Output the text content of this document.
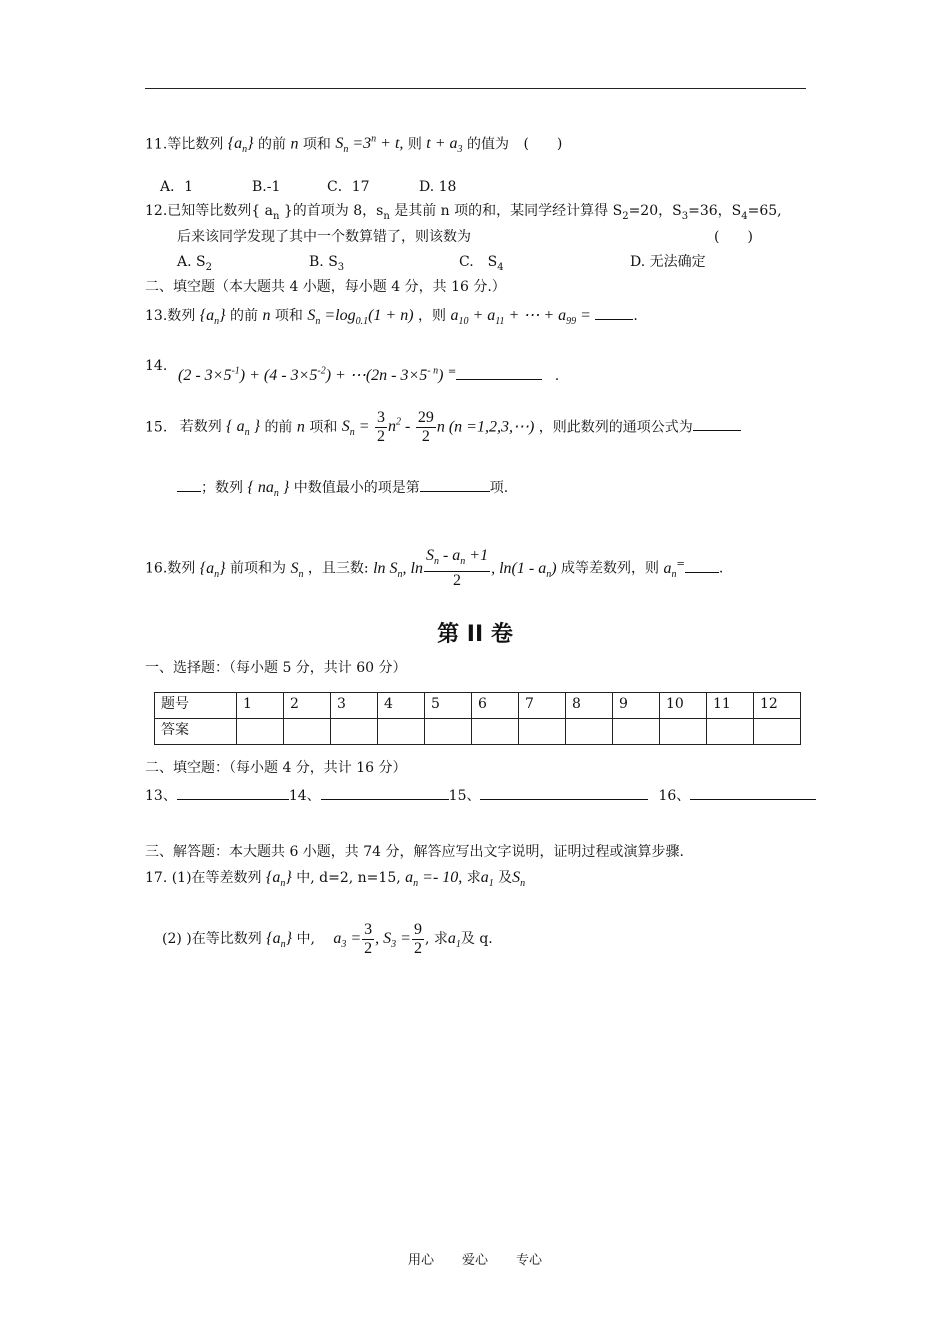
11.等比数列 $\{a_n\}$ 的前 n 项和 $S_n =3^n + t$, 则 $t + a_3$ 的值为 (　　)
A．1	B.-1	C．17	D. 18
12.已知等比数列{ $a_n$ }的首项为 8，$s_n$ 是其前 n 项的和，某同学经计算得 $S_2=20$，$S_3=36$，$S_4=65$,
后来该同学发现了其中一个数算错了，则该数为	(　　)
A. $S_2$	B. $S_3$	C.　$S_4$	D. 无法确定
二、填空题（本大题共 4 小题，每小题 4 分，共 16 分.）
13.数列 $\{a_n\}$ 的前 n 项和 $S_n =\log_{0.1}(1 + n)$ ，则 $a_{10} + a_{11}$ + ⋯ + $a_{99}$ =	.
14.
$(2 - 3\times 5^{-1}) + (4 - 3\times 5^{-2})$ + ⋯(2n - $3\times 5^{- n}$) =	.
15. 若数列 { $a_n$ } 的前 n 项和 $S_n = \frac{3}{2} n^2 - \frac{29}{2}$ n (n =1,2,3,⋯) ，则此数列的通项公式为
；数列 { $na_n$ } 中数值最小的项是第	项.
16.数列 $\{a_n\}$ 前项和为 $S_n$ ，且三数: $\ln S_n$, $\ln \frac{S_n - a_n +1}{2}$ , $\ln(1 - a_n)$ 成等差数列，则 $a_n^=$ .
第 II 卷
一、选择题：（每小题 5 分，共计 60 分）
题号	1	2	3	4	5	6	7	8	9	10	11	12
答案												
二、填空题：（每小题 4 分，共计 16 分）
13、	14、	15、	16、
三、解答题：本大题共 6 小题，共 74 分，解答应写出文字说明，证明过程或演算步骤.
17. (1)在等差数列 $\{a_n\}$ 中, d=2, n=15, $a_n =- 10$, 求$a_1$ 及$S_n$
(2) )在等比数列 $\{a_n\}$ 中, $a_3 = \frac{3}{2}$ , $S_3 = \frac{9}{2}$ , 求$a_1$及 q.
用心 爱心 专心
